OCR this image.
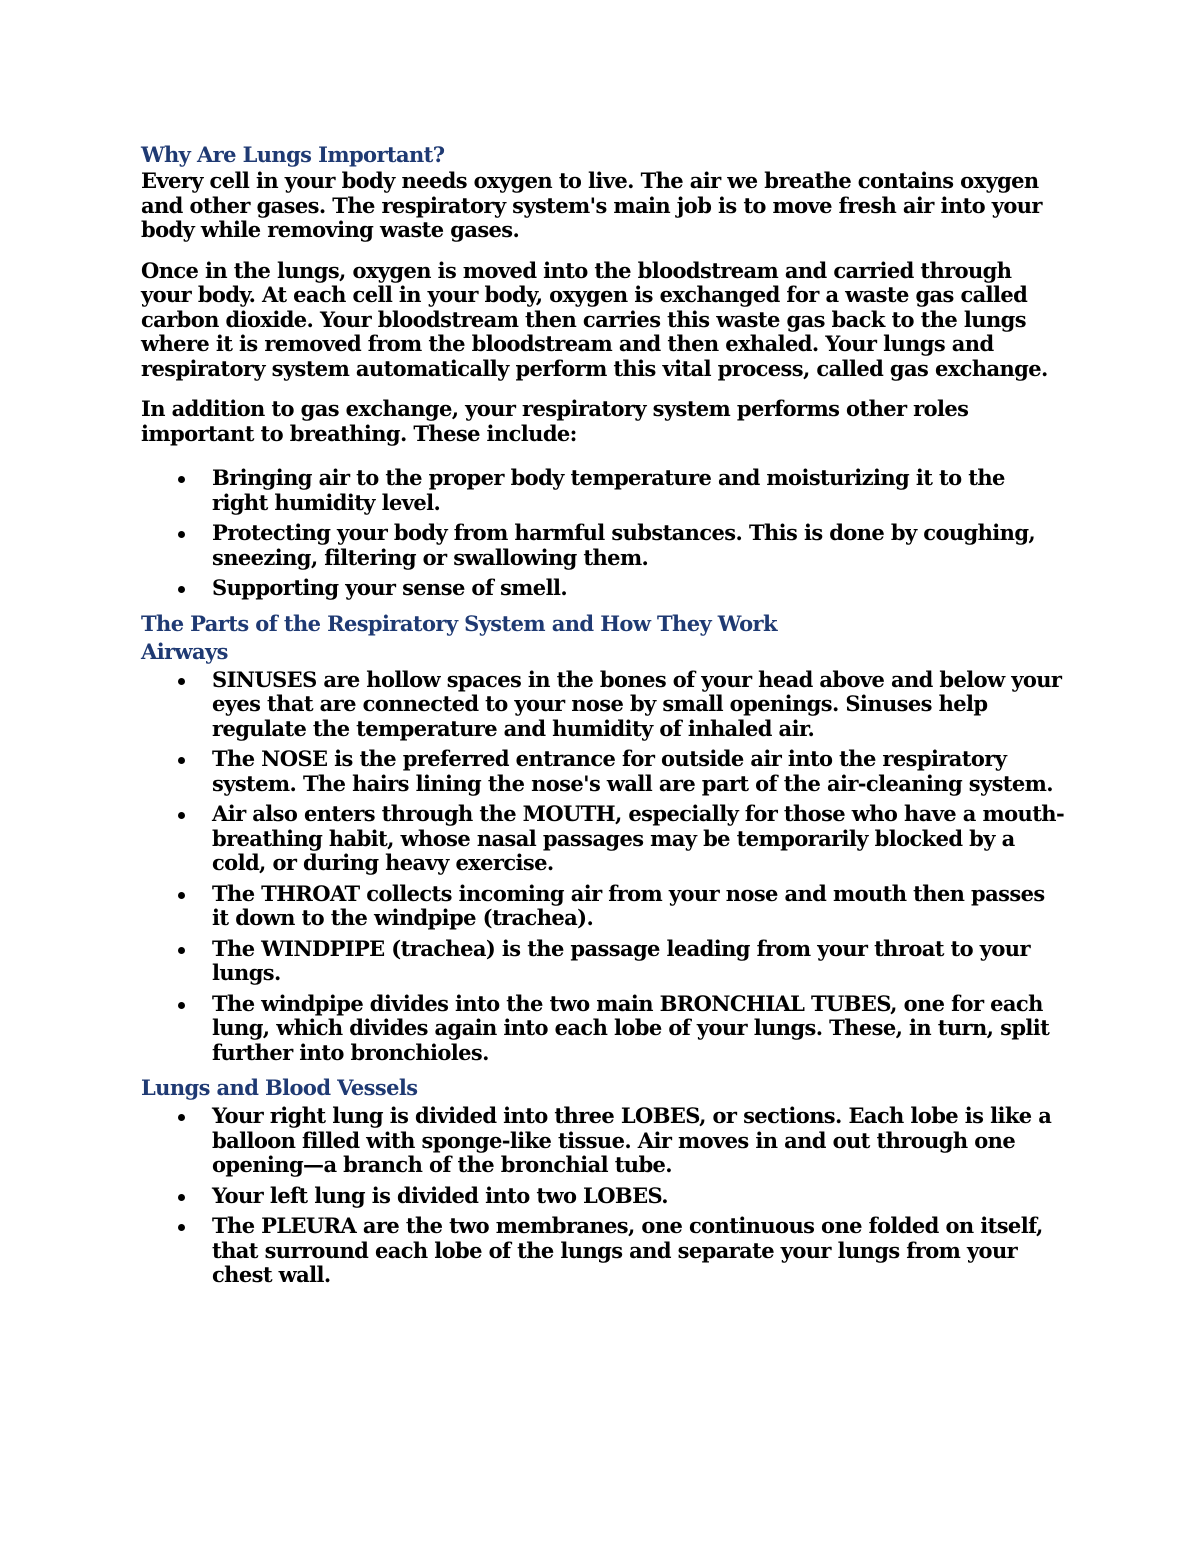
Why Are Lungs Important?

Every cell in your body needs oxygen to live. The air we breathe contains oxygen and other gases. The respiratory system's main job is to move fresh air into your body while removing waste gases.

Once in the lungs, oxygen is moved into the bloodstream and carried through your body. At each cell in your body, oxygen is exchanged for a waste gas called carbon dioxide. Your bloodstream then carries this waste gas back to the lungs where it is removed from the bloodstream and then exhaled. Your lungs and respiratory system automatically perform this vital process, called gas exchange.

In addition to gas exchange, your respiratory system performs other roles important to breathing. These include:

Bringing air to the proper body temperature and moisturizing it to the right humidity level.
Protecting your body from harmful substances. This is done by coughing, sneezing, filtering or swallowing them.
Supporting your sense of smell.
The Parts of the Respiratory System and How They Work
Airways
SINUSES are hollow spaces in the bones of your head above and below your eyes that are connected to your nose by small openings. Sinuses help regulate the temperature and humidity of inhaled air.
The NOSE is the preferred entrance for outside air into the respiratory system. The hairs lining the nose's wall are part of the air-cleaning system.
Air also enters through the MOUTH, especially for those who have a mouth-breathing habit, whose nasal passages may be temporarily blocked by a cold, or during heavy exercise.
The THROAT collects incoming air from your nose and mouth then passes it down to the windpipe (trachea).
The WINDPIPE (trachea) is the passage leading from your throat to your lungs.
The windpipe divides into the two main BRONCHIAL TUBES, one for each lung, which divides again into each lobe of your lungs. These, in turn, split further into bronchioles.
Lungs and Blood Vessels
Your right lung is divided into three LOBES, or sections. Each lobe is like a balloon filled with sponge-like tissue. Air moves in and out through one opening—a branch of the bronchial tube.
Your left lung is divided into two LOBES.
The PLEURA are the two membranes, one continuous one folded on itself, that surround each lobe of the lungs and separate your lungs from your chest wall.
